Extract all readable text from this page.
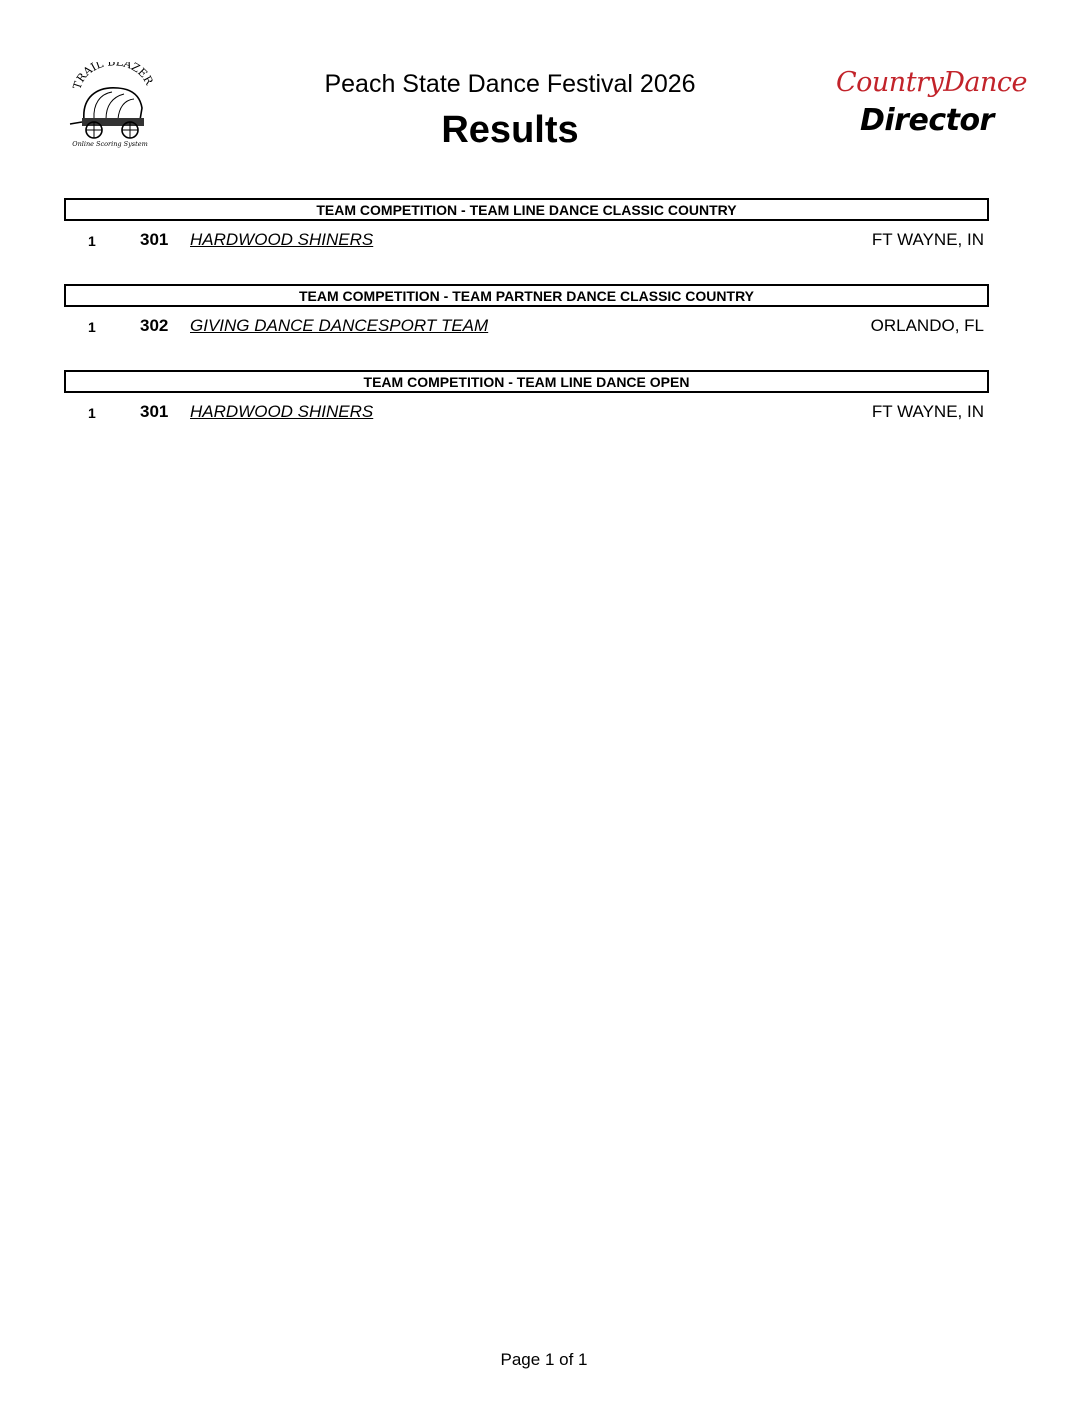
TRAIL BLAZER
Online Scoring System
Peach State Dance Festival 2026
Results
CountryDance
Director
TEAM COMPETITION - TEAM LINE DANCE CLASSIC COUNTRY
1	301 HARDWOOD SHINERS	FT WAYNE, IN
TEAM COMPETITION - TEAM PARTNER DANCE CLASSIC COUNTRY
1	302 GIVING DANCE DANCESPORT TEAM	ORLANDO, FL
TEAM COMPETITION - TEAM LINE DANCE OPEN
1	301 HARDWOOD SHINERS	FT WAYNE, IN
Page 1 of 1
